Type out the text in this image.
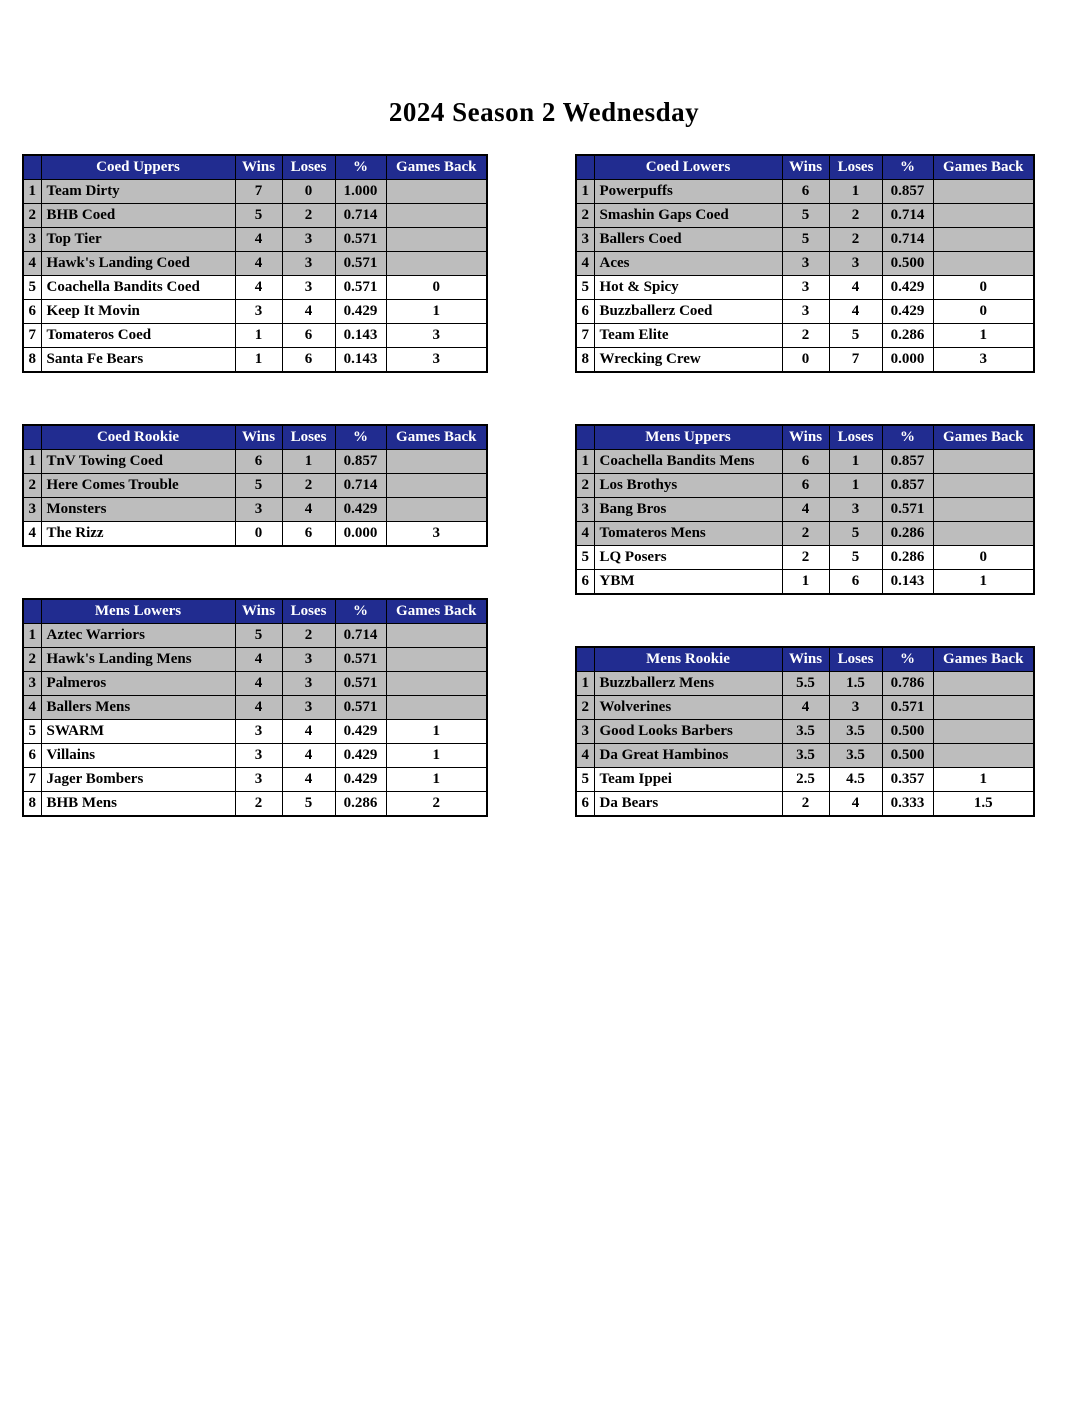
2024 Season 2 Wednesday
	Coed Uppers	Wins	Loses	%	Games Back
1	Team Dirty	7	0	1.000	
2	BHB Coed	5	2	0.714	
3	Top Tier	4	3	0.571	
4	Hawk's Landing Coed	4	3	0.571	
5	Coachella Bandits Coed	4	3	0.571	0
6	Keep It Movin	3	4	0.429	1
7	Tomateros Coed	1	6	0.143	3
8	Santa Fe Bears	1	6	0.143	3
	Coed Rookie	Wins	Loses	%	Games Back
1	TnV Towing Coed	6	1	0.857	
2	Here Comes Trouble	5	2	0.714	
3	Monsters	3	4	0.429	
4	The Rizz	0	6	0.000	3
	Mens Lowers	Wins	Loses	%	Games Back
1	Aztec Warriors	5	2	0.714	
2	Hawk's Landing Mens	4	3	0.571	
3	Palmeros	4	3	0.571	
4	Ballers Mens	4	3	0.571	
5	SWARM	3	4	0.429	1
6	Villains	3	4	0.429	1
7	Jager Bombers	3	4	0.429	1
8	BHB Mens	2	5	0.286	2
	Coed Lowers	Wins	Loses	%	Games Back
1	Powerpuffs	6	1	0.857	
2	Smashin Gaps Coed	5	2	0.714	
3	Ballers Coed	5	2	0.714	
4	Aces	3	3	0.500	
5	Hot & Spicy	3	4	0.429	0
6	Buzzballerz Coed	3	4	0.429	0
7	Team Elite	2	5	0.286	1
8	Wrecking Crew	0	7	0.000	3
	Mens Uppers	Wins	Loses	%	Games Back
1	Coachella Bandits Mens	6	1	0.857	
2	Los Brothys	6	1	0.857	
3	Bang Bros	4	3	0.571	
4	Tomateros Mens	2	5	0.286	
5	LQ Posers	2	5	0.286	0
6	YBM	1	6	0.143	1
	Mens Rookie	Wins	Loses	%	Games Back
1	Buzzballerz Mens	5.5	1.5	0.786	
2	Wolverines	4	3	0.571	
3	Good Looks Barbers	3.5	3.5	0.500	
4	Da Great Hambinos	3.5	3.5	0.500	
5	Team Ippei	2.5	4.5	0.357	1
6	Da Bears	2	4	0.333	1.5
